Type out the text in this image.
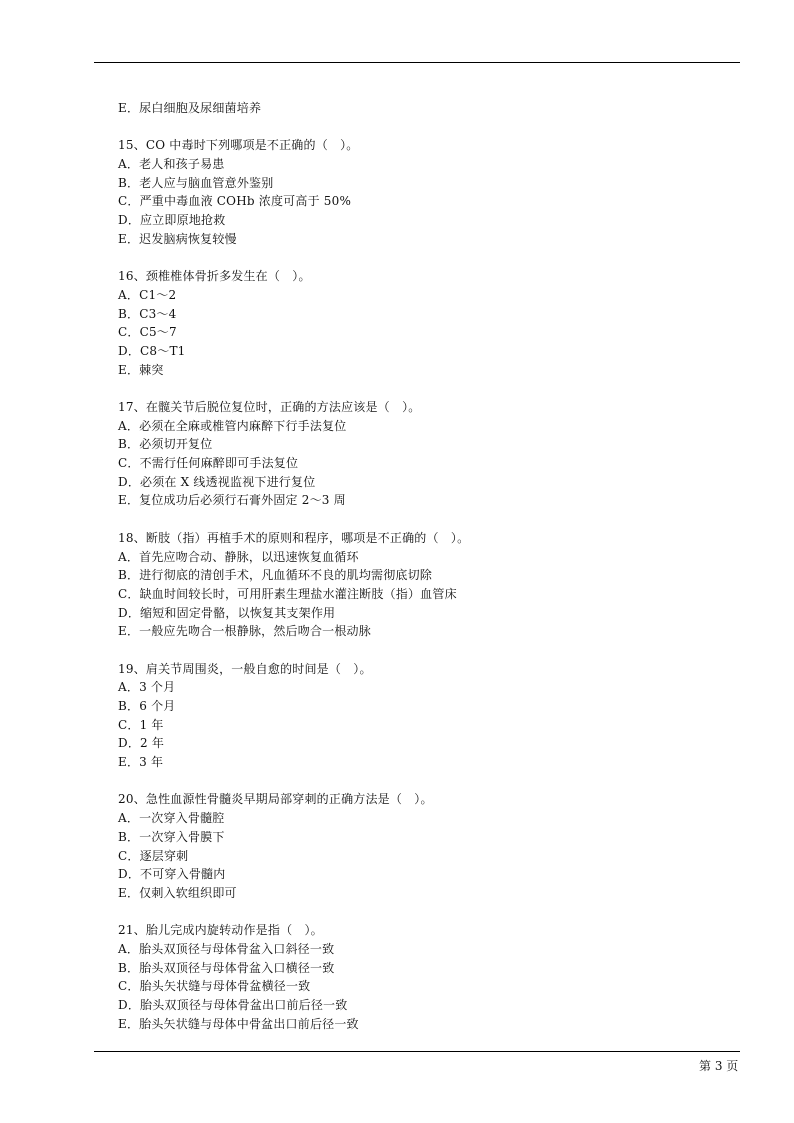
E．尿白细胞及尿细菌培养
15、CO 中毒时下列哪项是不正确的（　）。
A．老人和孩子易患
B．老人应与脑血管意外鉴别
C．严重中毒血液 COHb 浓度可高于 50%
D．应立即原地抢救
E．迟发脑病恢复较慢
16、颈椎椎体骨折多发生在（　）。
A．C1～2
B．C3～4
C．C5～7
D．C8～T1
E．棘突
17、在髋关节后脱位复位时，正确的方法应该是（　）。
A．必须在全麻或椎管内麻醉下行手法复位
B．必须切开复位
C．不需行任何麻醉即可手法复位
D．必须在 X 线透视监视下进行复位
E．复位成功后必须行石膏外固定 2～3 周
18、断肢（指）再植手术的原则和程序，哪项是不正确的（　）。
A．首先应吻合动、静脉，以迅速恢复血循环
B．进行彻底的清创手术，凡血循环不良的肌均需彻底切除
C．缺血时间较长时，可用肝素生理盐水灌注断肢（指）血管床
D．缩短和固定骨骼，以恢复其支架作用
E．一般应先吻合一根静脉，然后吻合一根动脉
19、肩关节周围炎，一般自愈的时间是（　）。
A．3 个月
B．6 个月
C．1 年
D．2 年
E．3 年
20、急性血源性骨髓炎早期局部穿刺的正确方法是（　）。
A．一次穿入骨髓腔
B．一次穿入骨膜下
C．逐层穿刺
D．不可穿入骨髓内
E．仅刺入软组织即可
21、胎儿完成内旋转动作是指（　）。
A．胎头双顶径与母体骨盆入口斜径一致
B．胎头双顶径与母体骨盆入口横径一致
C．胎头矢状缝与母体骨盆横径一致
D．胎头双顶径与母体骨盆出口前后径一致
E．胎头矢状缝与母体中骨盆出口前后径一致
第 3 页
